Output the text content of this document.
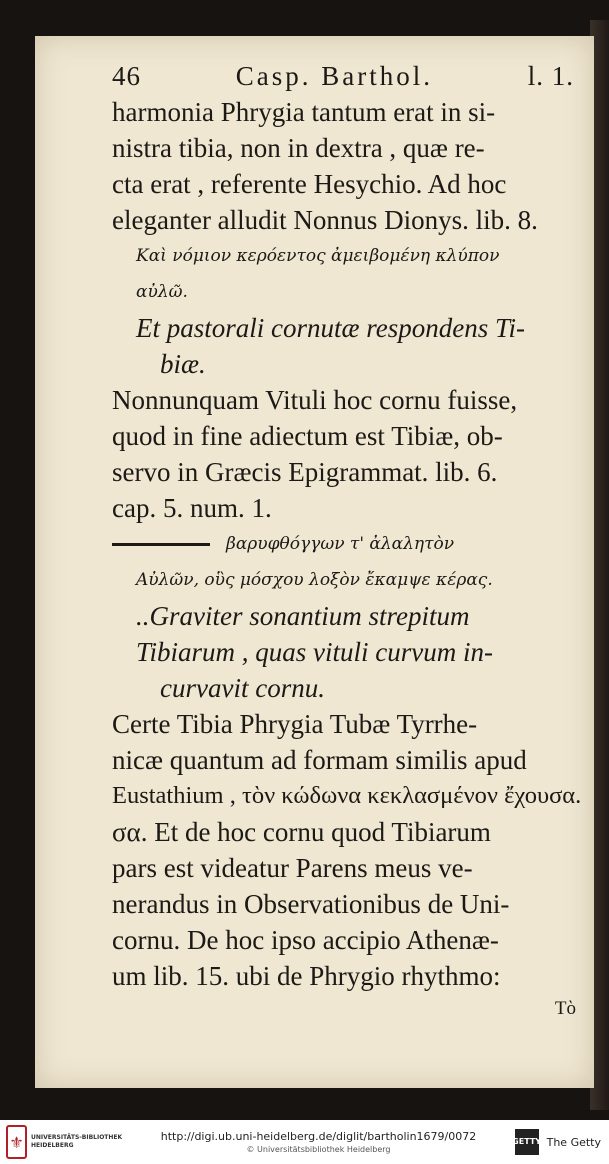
46	Casp. Barthol.	l. 1.
harmonia Phrygia tantum erat in si-
nistra tibia, non in dextra , quæ re-
cta erat , referente Hesychio. Ad hoc
eleganter alludit Nonnus Dionys. lib. 8.
Καὶ νόμιον κερόεντος ἀμειβομένη κλύπον
αὐλῶ.
Et pastorali cornutæ respondens Ti-
biæ.
Nonnunquam Vituli hoc cornu fuisse,
quod in fine adiectum est Tibiæ, ob-
servo in Græcis Epigrammat. lib. 6.
cap. 5. num. 1.
βαρυφθόγγων τ' ἀλαλητὸν
Αὐλῶν, οὓς μόσχου λοξὸν ἔκαμψε κέρας.
..Graviter sonantium strepitum
Tibiarum , quas vituli curvum in-
curvavit cornu.
Certe Tibia Phrygia Tubæ Tyrrhe-
nicæ quantum ad formam similis apud
Eustathium , τὸν κώδωνα κεκλασμένον ἔχουσα.
σα. Et de hoc cornu quod Tibiarum
pars est videatur Parens meus ve-
nerandus in Observationibus de Uni-
cornu. De hoc ipso accipio Athenæ-
um lib. 15. ubi de Phrygio rhythmo:
Τὸ
⚜	UNIVERSITÄTS-BIBLIOTHEK HEIDELBERG
http://digi.ub.uni-heidelberg.de/diglit/bartholin1679/0072
© Universitätsbibliothek Heidelberg
GETTY The Getty
